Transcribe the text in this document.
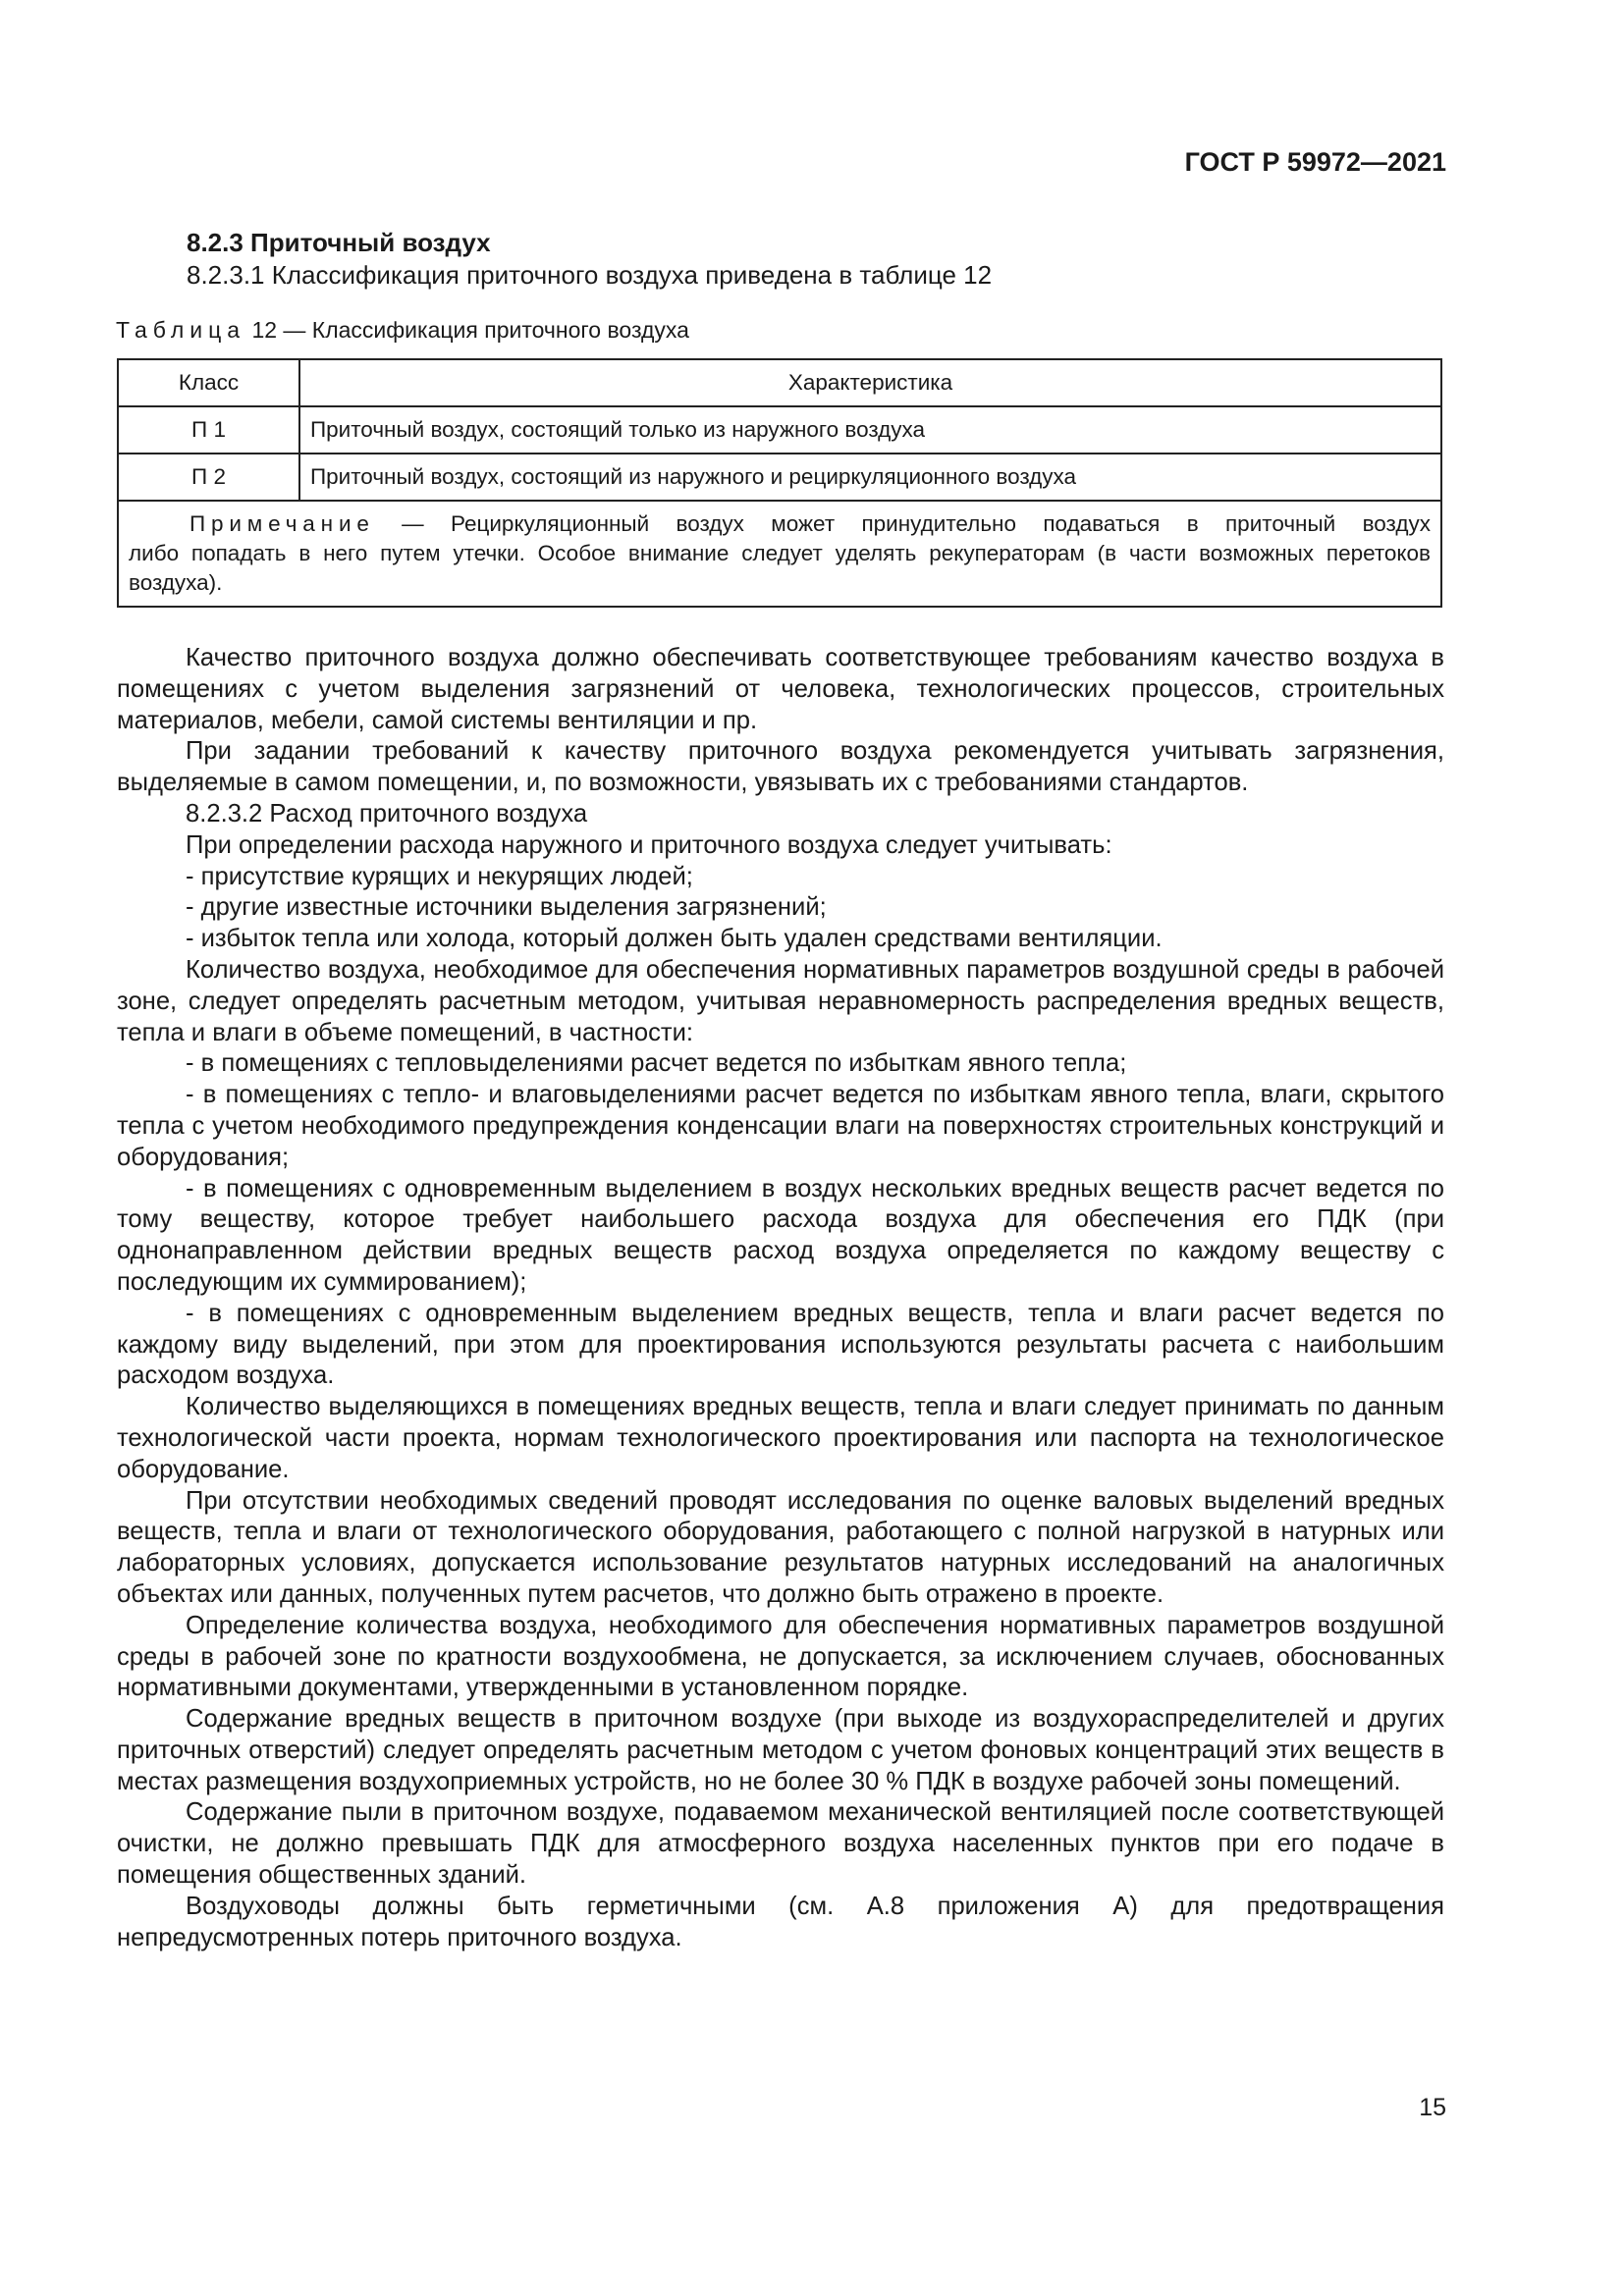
ГОСТ Р 59972—2021
8.2.3 Приточный воздух
8.2.3.1 Классификация приточного воздуха приведена в таблице 12
Таблица 12 — Классификация приточного воздуха
Класс	Характеристика
П 1	Приточный воздух, состоящий только из наружного воздуха
П 2	Приточный воздух, состоящий из наружного и рециркуляционного воздуха

Примечание — Рециркуляционный воздух может принудительно подаваться в приточный воздух
либо попадать в него путем утечки. Особое внимание следует уделять рекуператорам (в части возможных перетоков воздуха).	

Качество приточного воздуха должно обеспечивать соответствующее требованиям качество воздуха в помещениях с учетом выделения загрязнений от человека, технологических процессов, строительных материалов, мебели, самой системы вентиляции и пр.

При задании требований к качеству приточного воздуха рекомендуется учитывать загрязнения, выделяемые в самом помещении, и, по возможности, увязывать их с требованиями стандартов.

8.2.3.2 Расход приточного воздуха

При определении расхода наружного и приточного воздуха следует учитывать:

- присутствие курящих и некурящих людей;

- другие известные источники выделения загрязнений;

- избыток тепла или холода, который должен быть удален средствами вентиляции.

Количество воздуха, необходимое для обеспечения нормативных параметров воздушной среды в рабочей зоне, следует определять расчетным методом, учитывая неравномерность распределения вредных веществ, тепла и влаги в объеме помещений, в частности:

- в помещениях с тепловыделениями расчет ведется по избыткам явного тепла;

- в помещениях с тепло- и влаговыделениями расчет ведется по избыткам явного тепла, влаги, скрытого тепла с учетом необходимого предупреждения конденсации влаги на поверхностях строительных конструкций и оборудования;

- в помещениях с одновременным выделением в воздух нескольких вредных веществ расчет ведется по тому веществу, которое требует наибольшего расхода воздуха для обеспечения его ПДК (при однонаправленном действии вредных веществ расход воздуха определяется по каждому веществу с последующим их суммированием);

- в помещениях с одновременным выделением вредных веществ, тепла и влаги расчет ведется по каждому виду выделений, при этом для проектирования используются результаты расчета с наибольшим расходом воздуха.

Количество выделяющихся в помещениях вредных веществ, тепла и влаги следует принимать по данным технологической части проекта, нормам технологического проектирования или паспорта на технологическое оборудование.

При отсутствии необходимых сведений проводят исследования по оценке валовых выделений вредных веществ, тепла и влаги от технологического оборудования, работающего с полной нагрузкой в натурных или лабораторных условиях, допускается использование результатов натурных исследований на аналогичных объектах или данных, полученных путем расчетов, что должно быть отражено в проекте.

Определение количества воздуха, необходимого для обеспечения нормативных параметров воздушной среды в рабочей зоне по кратности воздухообмена, не допускается, за исключением случаев, обоснованных нормативными документами, утвержденными в установленном порядке.

Содержание вредных веществ в приточном воздухе (при выходе из воздухораспределителей и других приточных отверстий) следует определять расчетным методом с учетом фоновых концентраций этих веществ в местах размещения воздухоприемных устройств, но не более 30 % ПДК в воздухе рабочей зоны помещений.

Содержание пыли в приточном воздухе, подаваемом механической вентиляцией после соответствующей очистки, не должно превышать ПДК для атмосферного воздуха населенных пунктов при его подаче в помещения общественных зданий.

Воздуховоды должны быть герметичными (см. А.8 приложения А) для предотвращения непредусмотренных потерь приточного воздуха.

15
